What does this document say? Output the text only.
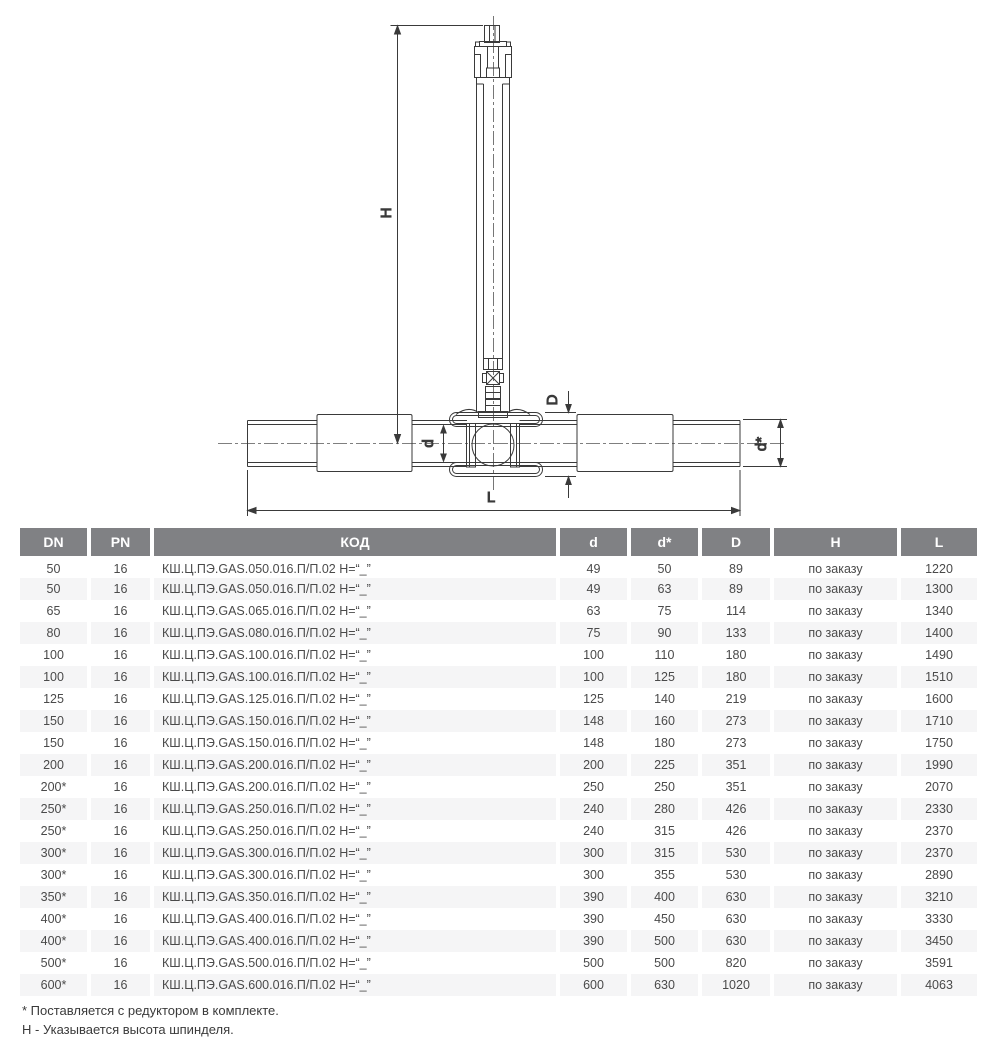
H
d
D
d*
L
DN	PN	КОД	d	d*	D	H	L
50	16	КШ.Ц.ПЭ.GAS.050.016.П/П.02 Н=“_”	49	50	89	по заказу	1220
50	16	КШ.Ц.ПЭ.GAS.050.016.П/П.02 Н=“_”	49	63	89	по заказу	1300
65	16	КШ.Ц.ПЭ.GAS.065.016.П/П.02 Н=“_”	63	75	114	по заказу	1340
80	16	КШ.Ц.ПЭ.GAS.080.016.П/П.02 Н=“_”	75	90	133	по заказу	1400
100	16	КШ.Ц.ПЭ.GAS.100.016.П/П.02 Н=“_”	100	110	180	по заказу	1490
100	16	КШ.Ц.ПЭ.GAS.100.016.П/П.02 Н=“_”	100	125	180	по заказу	1510
125	16	КШ.Ц.ПЭ.GAS.125.016.П/П.02 Н=“_”	125	140	219	по заказу	1600
150	16	КШ.Ц.ПЭ.GAS.150.016.П/П.02 Н=“_”	148	160	273	по заказу	1710
150	16	КШ.Ц.ПЭ.GAS.150.016.П/П.02 Н=“_”	148	180	273	по заказу	1750
200	16	КШ.Ц.ПЭ.GAS.200.016.П/П.02 Н=“_”	200	225	351	по заказу	1990
200*	16	КШ.Ц.ПЭ.GAS.200.016.П/П.02 Н=“_”	250	250	351	по заказу	2070
250*	16	КШ.Ц.ПЭ.GAS.250.016.П/П.02 Н=“_”	240	280	426	по заказу	2330
250*	16	КШ.Ц.ПЭ.GAS.250.016.П/П.02 Н=“_”	240	315	426	по заказу	2370
300*	16	КШ.Ц.ПЭ.GAS.300.016.П/П.02 Н=“_”	300	315	530	по заказу	2370
300*	16	КШ.Ц.ПЭ.GAS.300.016.П/П.02 Н=“_”	300	355	530	по заказу	2890
350*	16	КШ.Ц.ПЭ.GAS.350.016.П/П.02 Н=“_”	390	400	630	по заказу	3210
400*	16	КШ.Ц.ПЭ.GAS.400.016.П/П.02 Н=“_”	390	450	630	по заказу	3330
400*	16	КШ.Ц.ПЭ.GAS.400.016.П/П.02 Н=“_”	390	500	630	по заказу	3450
500*	16	КШ.Ц.ПЭ.GAS.500.016.П/П.02 Н=“_”	500	500	820	по заказу	3591
600*	16	КШ.Ц.ПЭ.GAS.600.016.П/П.02 Н=“_”	600	630	1020	по заказу	4063
* Поставляется с редуктором в комплекте.
Н - Указывается высота шпинделя.
